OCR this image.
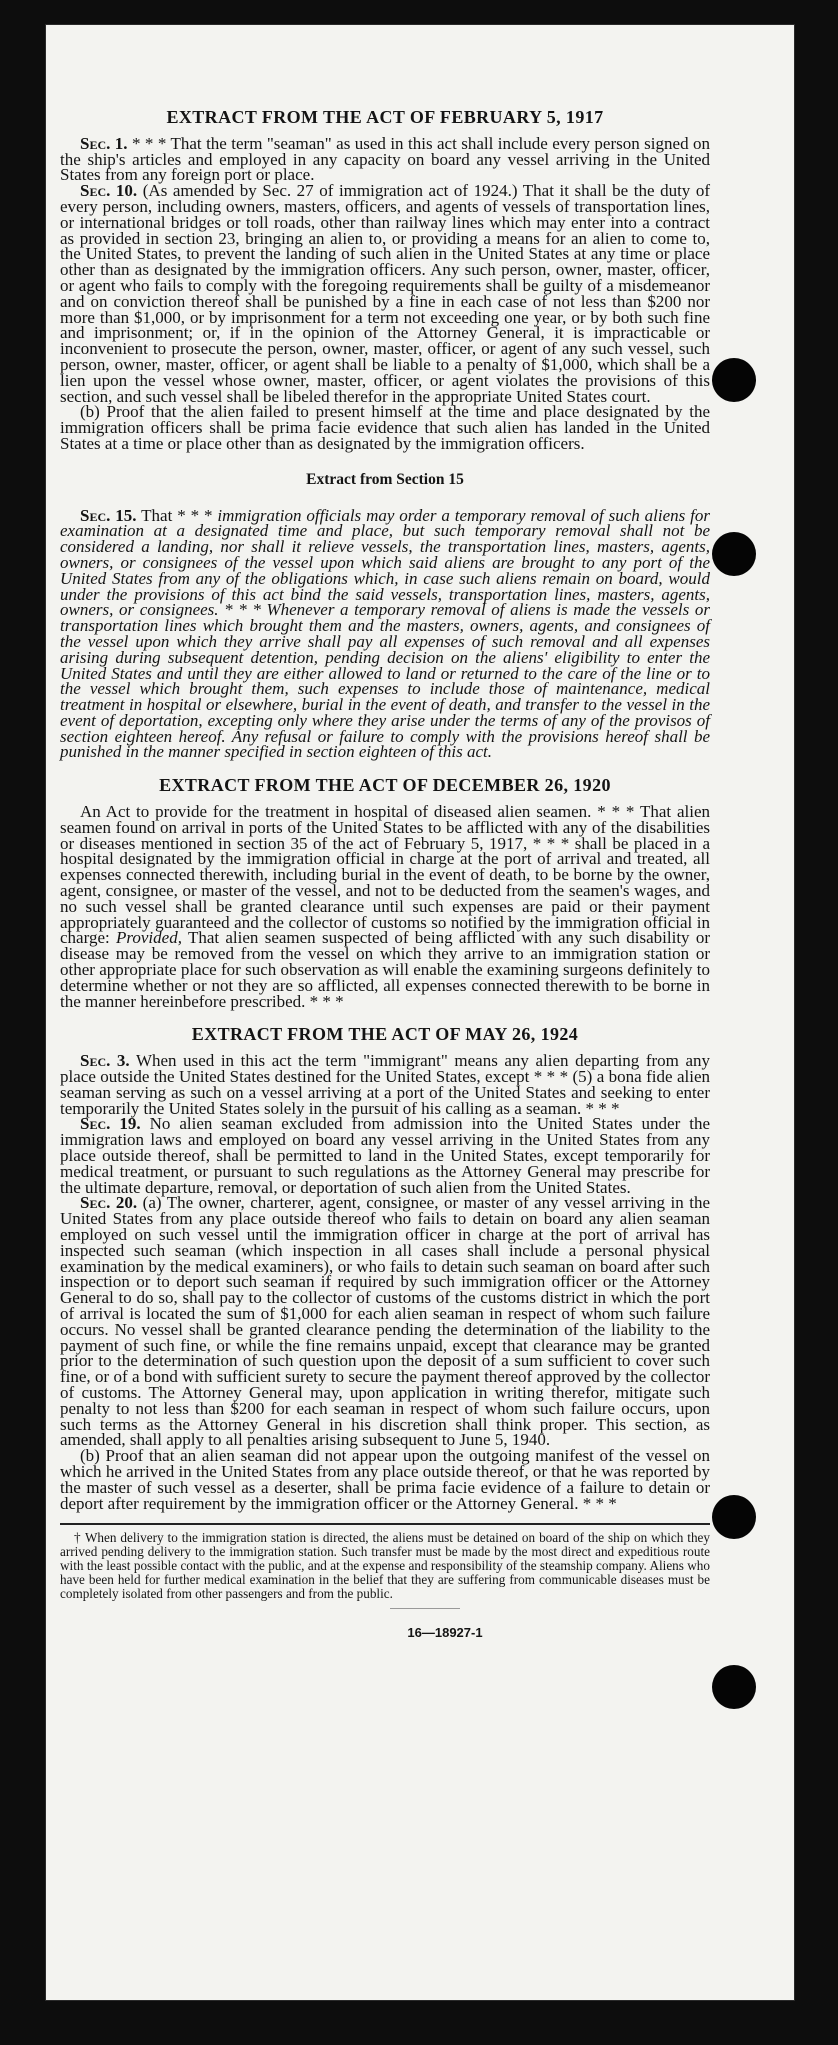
EXTRACT FROM THE ACT OF FEBRUARY 5, 1917

Sec. 1. * * * That the term "seaman" as used in this act shall include every person signed on the ship's articles and employed in any capacity on board any vessel arriving in the United States from any foreign port or place.

Sec. 10. (As amended by Sec. 27 of immigration act of 1924.) That it shall be the duty of every person, including owners, masters, officers, and agents of vessels of transportation lines, or international bridges or toll roads, other than railway lines which may enter into a contract as provided in section 23, bringing an alien to, or providing a means for an alien to come to, the United States, to prevent the landing of such alien in the United States at any time or place other than as designated by the immigration officers. Any such person, owner, master, officer, or agent who fails to comply with the foregoing requirements shall be guilty of a misdemeanor and on conviction thereof shall be punished by a fine in each case of not less than $200 nor more than $1,000, or by imprisonment for a term not exceeding one year, or by both such fine and imprisonment; or, if in the opinion of the Attorney General, it is impracticable or inconvenient to prosecute the person, owner, master, officer, or agent of any such vessel, such person, owner, master, officer, or agent shall be liable to a penalty of $1,000, which shall be a lien upon the vessel whose owner, master, officer, or agent violates the provisions of this section, and such vessel shall be libeled therefor in the appropriate United States court.

(b) Proof that the alien failed to present himself at the time and place designated by the immigration officers shall be prima facie evidence that such alien has landed in the United States at a time or place other than as designated by the immigration officers.

Extract from Section 15

Sec. 15. That * * * immigration officials may order a temporary removal of such aliens for examination at a designated time and place, but such temporary removal shall not be considered a landing, nor shall it relieve vessels, the transportation lines, masters, agents, owners, or consignees of the vessel upon which said aliens are brought to any port of the United States from any of the obligations which, in case such aliens remain on board, would under the provisions of this act bind the said vessels, transportation lines, masters, agents, owners, or consignees. * * * Whenever a temporary removal of aliens is made the vessels or transportation lines which brought them and the masters, owners, agents, and consignees of the vessel upon which they arrive shall pay all expenses of such removal and all expenses arising during subsequent detention, pending decision on the aliens' eligibility to enter the United States and until they are either allowed to land or returned to the care of the line or to the vessel which brought them, such expenses to include those of maintenance, medical treatment in hospital or elsewhere, burial in the event of death, and transfer to the vessel in the event of deportation, excepting only where they arise under the terms of any of the provisos of section eighteen hereof. Any refusal or failure to comply with the provisions hereof shall be punished in the manner specified in section eighteen of this act.

EXTRACT FROM THE ACT OF DECEMBER 26, 1920

An Act to provide for the treatment in hospital of diseased alien seamen. * * * That alien seamen found on arrival in ports of the United States to be afflicted with any of the disabilities or diseases mentioned in section 35 of the act of February 5, 1917, * * * shall be placed in a hospital designated by the immigration official in charge at the port of arrival and treated, all expenses connected therewith, including burial in the event of death, to be borne by the owner, agent, consignee, or master of the vessel, and not to be deducted from the seamen's wages, and no such vessel shall be granted clearance until such expenses are paid or their payment appropriately guaranteed and the collector of customs so notified by the immigration official in charge: Provided, That alien seamen suspected of being afflicted with any such disability or disease may be removed from the vessel on which they arrive to an immigration station or other appropriate place for such observation as will enable the examining surgeons definitely to determine whether or not they are so afflicted, all expenses connected therewith to be borne in the manner hereinbefore prescribed. * * *

EXTRACT FROM THE ACT OF MAY 26, 1924

Sec. 3. When used in this act the term "immigrant" means any alien departing from any place outside the United States destined for the United States, except * * * (5) a bona fide alien seaman serving as such on a vessel arriving at a port of the United States and seeking to enter temporarily the United States solely in the pursuit of his calling as a seaman. * * *

Sec. 19. No alien seaman excluded from admission into the United States under the immigration laws and employed on board any vessel arriving in the United States from any place outside thereof, shall be permitted to land in the United States, except temporarily for medical treatment, or pursuant to such regulations as the Attorney General may prescribe for the ultimate departure, removal, or deportation of such alien from the United States.

Sec. 20. (a) The owner, charterer, agent, consignee, or master of any vessel arriving in the United States from any place outside thereof who fails to detain on board any alien seaman employed on such vessel until the immigration officer in charge at the port of arrival has inspected such seaman (which inspection in all cases shall include a personal physical examination by the medical examiners), or who fails to detain such seaman on board after such inspection or to deport such seaman if required by such immigration officer or the Attorney General to do so, shall pay to the collector of customs of the customs district in which the port of arrival is located the sum of $1,000 for each alien seaman in respect of whom such failure occurs. No vessel shall be granted clearance pending the determination of the liability to the payment of such fine, or while the fine remains unpaid, except that clearance may be granted prior to the determination of such question upon the deposit of a sum sufficient to cover such fine, or of a bond with sufficient surety to secure the payment thereof approved by the collector of customs. The Attorney General may, upon application in writing therefor, mitigate such penalty to not less than $200 for each seaman in respect of whom such failure occurs, upon such terms as the Attorney General in his discretion shall think proper. This section, as amended, shall apply to all penalties arising subsequent to June 5, 1940.

(b) Proof that an alien seaman did not appear upon the outgoing manifest of the vessel on which he arrived in the United States from any place outside thereof, or that he was reported by the master of such vessel as a deserter, shall be prima facie evidence of a failure to detain or deport after requirement by the immigration officer or the Attorney General. * * *

† When delivery to the immigration station is directed, the aliens must be detained on board of the ship on which they arrived pending delivery to the immigration station. Such transfer must be made by the most direct and expeditious route with the least possible contact with the public, and at the expense and responsibility of the steamship company. Aliens who have been held for further medical examination in the belief that they are suffering from communicable diseases must be completely isolated from other passengers and from the public.

16—18927-1
